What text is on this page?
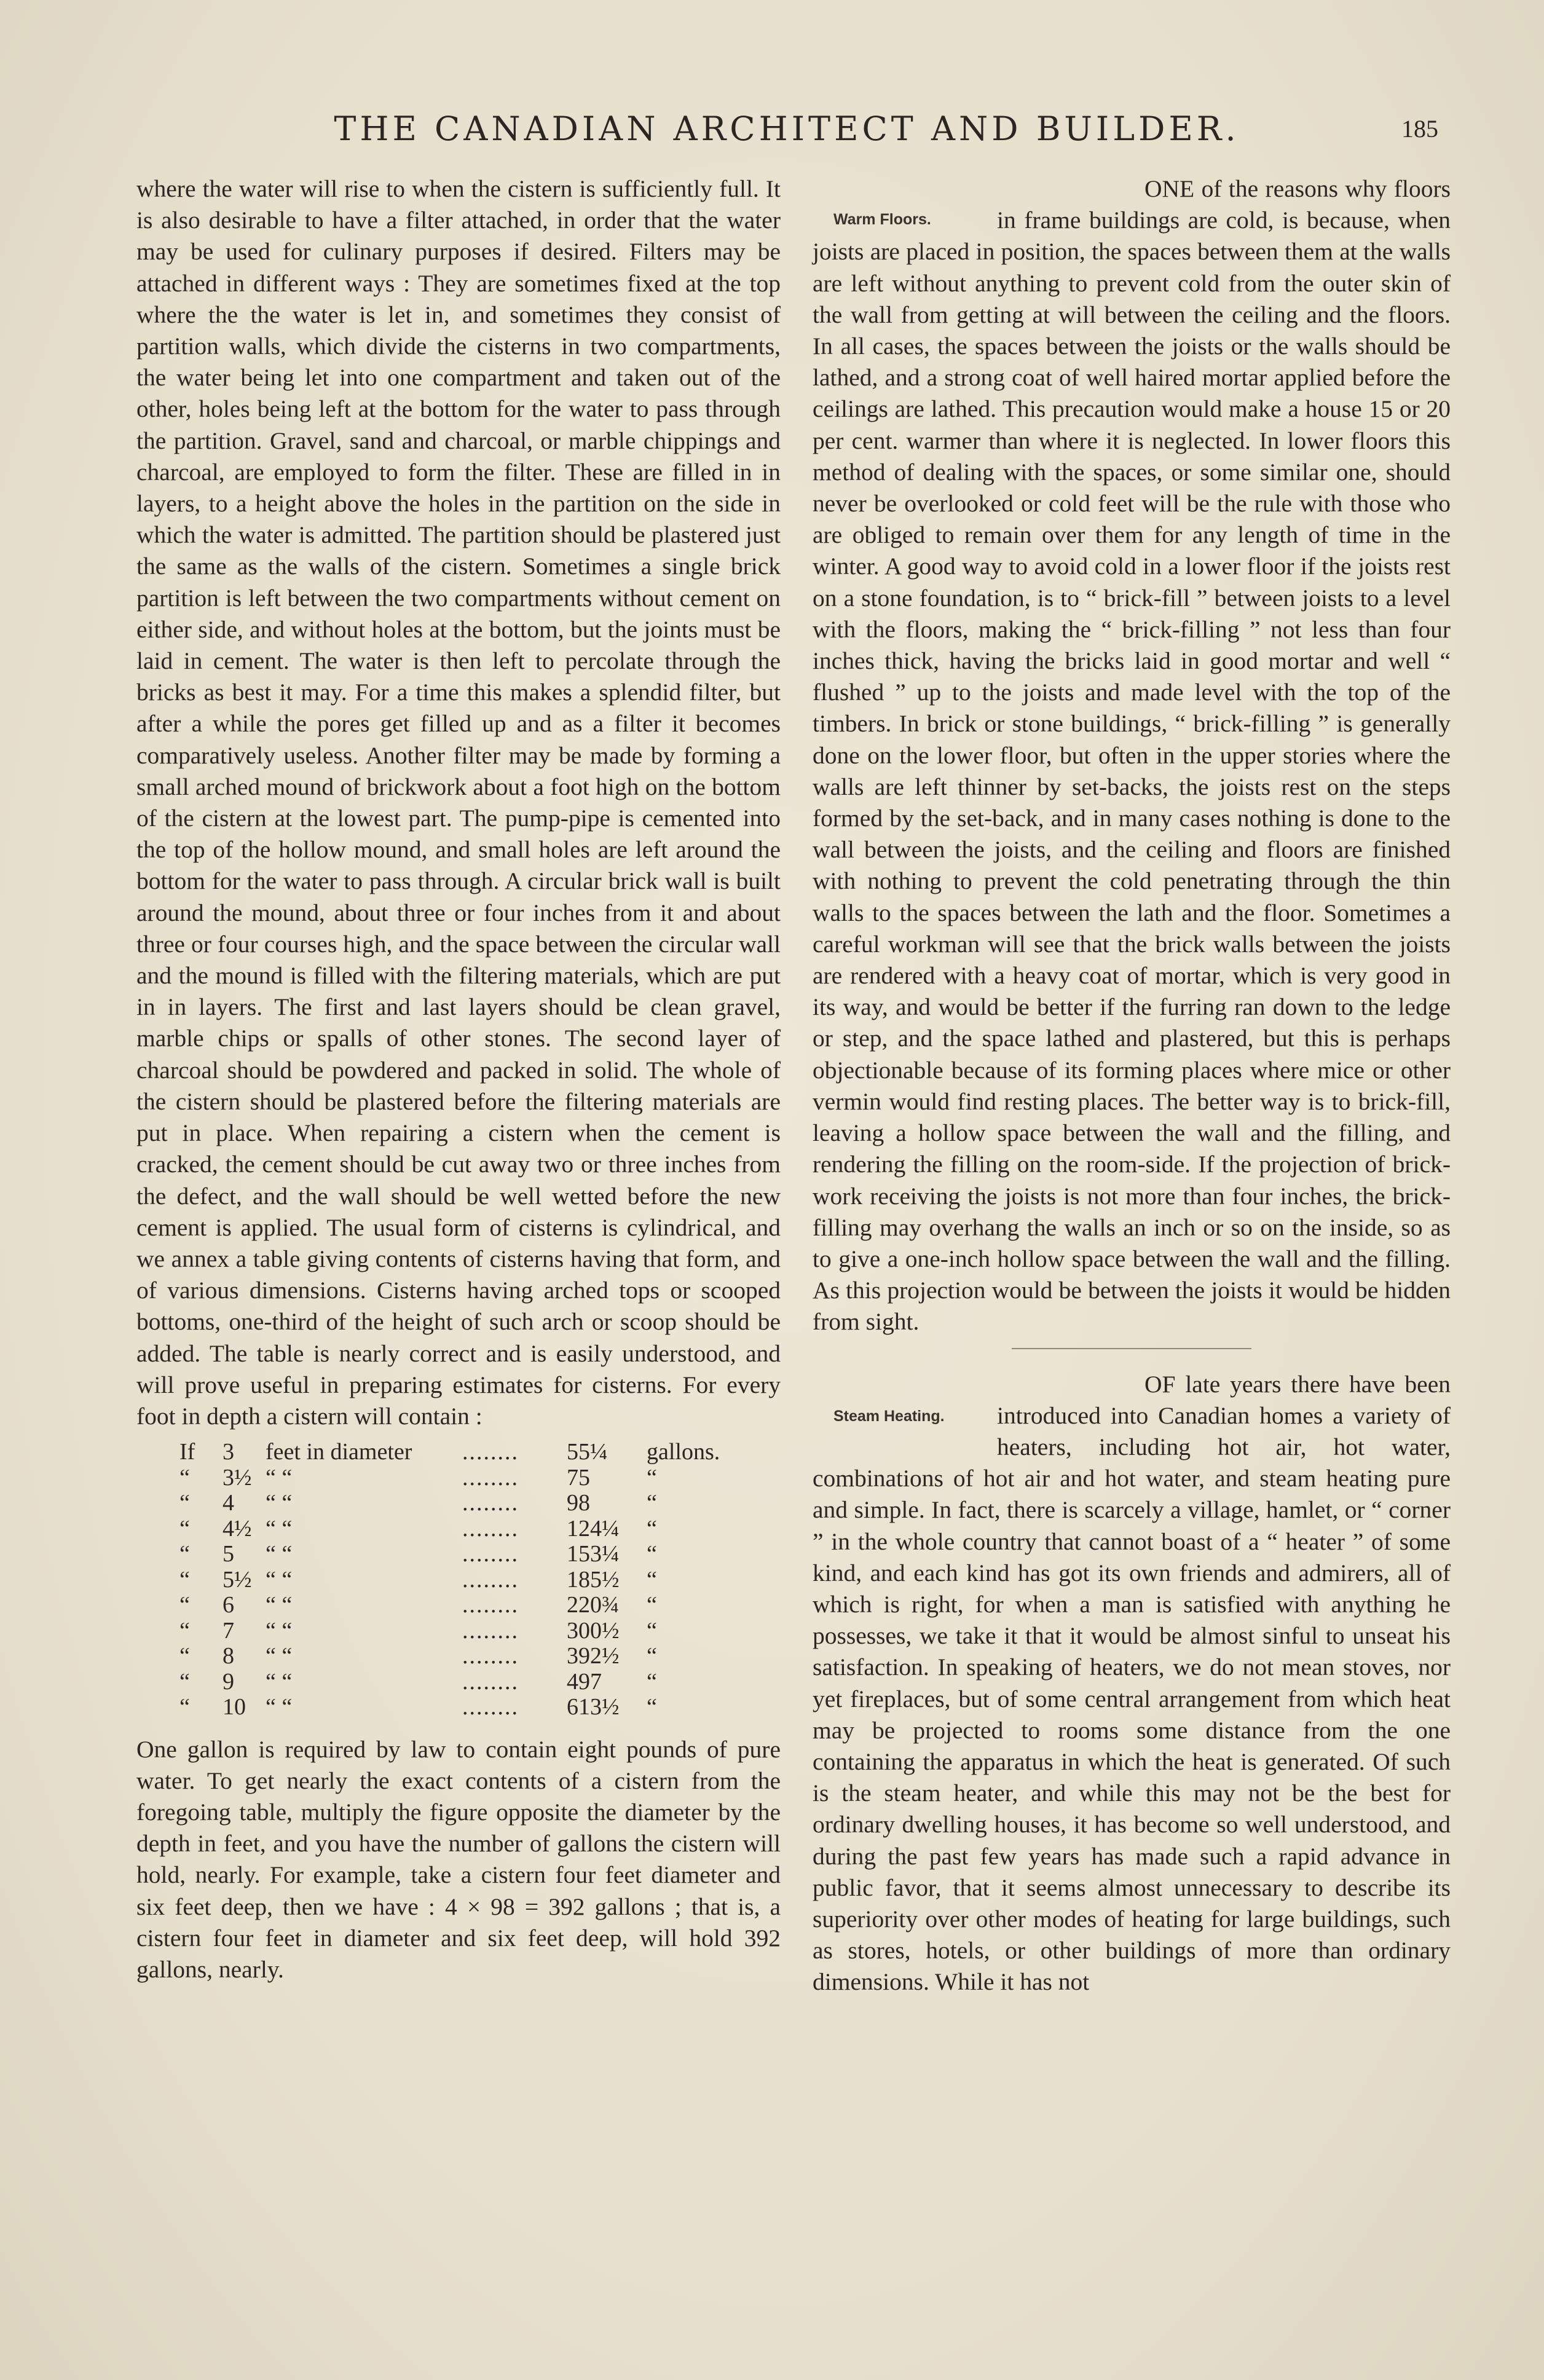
THE CANADIAN ARCHITECT AND BUILDER.	185

where the water will rise to when the cistern is sufficiently full. It is also desirable to have a filter attached, in order that the water may be used for culinary purposes if desired. Filters may be attached in different ways : They are sometimes fixed at the top where the the water is let in, and sometimes they consist of partition walls, which divide the cisterns in two compartments, the water being let into one compartment and taken out of the other, holes being left at the bottom for the water to pass through the partition. Gravel, sand and charcoal, or marble chippings and charcoal, are employed to form the filter. These are filled in in layers, to a height above the holes in the partition on the side in which the water is admitted. The partition should be plastered just the same as the walls of the cistern. Sometimes a single brick partition is left between the two compartments without cement on either side, and without holes at the bottom, but the joints must be laid in cement. The water is then left to percolate through the bricks as best it may. For a time this makes a splendid filter, but after a while the pores get filled up and as a filter it becomes comparatively useless. Another filter may be made by forming a small arched mound of brickwork about a foot high on the bottom of the cistern at the lowest part. The pump-pipe is cemented into the top of the hollow mound, and small holes are left around the bottom for the water to pass through. A circular brick wall is built around the mound, about three or four inches from it and about three or four courses high, and the space between the circular wall and the mound is filled with the filtering materials, which are put in in layers. The first and last layers should be clean gravel, marble chips or spalls of other stones. The second layer of charcoal should be powdered and packed in solid. The whole of the cistern should be plastered before the filtering materials are put in place. When repairing a cistern when the cement is cracked, the cement should be cut away two or three inches from the defect, and the wall should be well wetted before the new cement is applied. The usual form of cisterns is cylindrical, and we annex a table giving contents of cisterns having that form, and of various dimensions. Cisterns having arched tops or scooped bottoms, one-third of the height of such arch or scoop should be added. The table is nearly correct and is easily understood, and will prove useful in preparing estimates for cisterns. For every foot in depth a cistern will contain :

If	3	feet in diameter	........	55¼	gallons.
“	3½	“ “	........	75	“
“	4	“ “	........	98	“
“	4½	“ “	........	124¼	“
“	5	“ “	........	153¼	“
“	5½	“ “	........	185½	“
“	6	“ “	........	220¾	“
“	7	“ “	........	300½	“
“	8	“ “	........	392½	“
“	9	“ “	........	497	“
“	10	“ “	........	613½	“

One gallon is required by law to contain eight pounds of pure water. To get nearly the exact contents of a cistern from the foregoing table, multiply the figure opposite the diameter by the depth in feet, and you have the number of gallons the cistern will hold, nearly. For example, take a cistern four feet diameter and six feet deep, then we have : 4 × 98 = 392 gallons ; that is, a cistern four feet in diameter and six feet deep, will hold 392 gallons, nearly.

Warm Floors.

ONE of the reasons why floors in frame buildings are cold, is because, when joists are placed in position, the spaces between them at the walls are left without anything to prevent cold from the outer skin of the wall from getting at will between the ceiling and the floors. In all cases, the spaces between the joists or the walls should be lathed, and a strong coat of well haired mortar applied before the ceilings are lathed. This precaution would make a house 15 or 20 per cent. warmer than where it is neglected. In lower floors this method of dealing with the spaces, or some similar one, should never be overlooked or cold feet will be the rule with those who are obliged to remain over them for any length of time in the winter. A good way to avoid cold in a lower floor if the joists rest on a stone foundation, is to “ brick-fill ” between joists to a level with the floors, making the “ brick-filling ” not less than four inches thick, having the bricks laid in good mortar and well “ flushed ” up to the joists and made level with the top of the timbers. In brick or stone buildings, “ brick-filling ” is generally done on the lower floor, but often in the upper stories where the walls are left thinner by set-backs, the joists rest on the steps formed by the set-back, and in many cases nothing is done to the wall between the joists, and the ceiling and floors are finished with nothing to prevent the cold penetrating through the thin walls to the spaces between the lath and the floor. Sometimes a careful workman will see that the brick walls between the joists are rendered with a heavy coat of mortar, which is very good in its way, and would be better if the furring ran down to the ledge or step, and the space lathed and plastered, but this is perhaps objectionable because of its forming places where mice or other vermin would find resting places. The better way is to brick-fill, leaving a hollow space between the wall and the filling, and rendering the filling on the room-side. If the projection of brick-work receiving the joists is not more than four inches, the brick-filling may overhang the walls an inch or so on the inside, so as to give a one-inch hollow space between the wall and the filling. As this projection would be between the joists it would be hidden from sight.

Steam Heating.

OF late years there have been introduced into Canadian homes a variety of heaters, including hot air, hot water, combinations of hot air and hot water, and steam heating pure and simple. In fact, there is scarcely a village, hamlet, or “ corner ” in the whole country that cannot boast of a “ heater ” of some kind, and each kind has got its own friends and admirers, all of which is right, for when a man is satisfied with anything he possesses, we take it that it would be almost sinful to unseat his satisfaction. In speaking of heaters, we do not mean stoves, nor yet fireplaces, but of some central arrangement from which heat may be projected to rooms some distance from the one containing the apparatus in which the heat is generated. Of such is the steam heater, and while this may not be the best for ordinary dwelling houses, it has become so well understood, and during the past few years has made such a rapid advance in public favor, that it seems almost unnecessary to describe its superiority over other modes of heating for large buildings, such as stores, hotels, or other buildings of more than ordinary dimensions. While it has not
